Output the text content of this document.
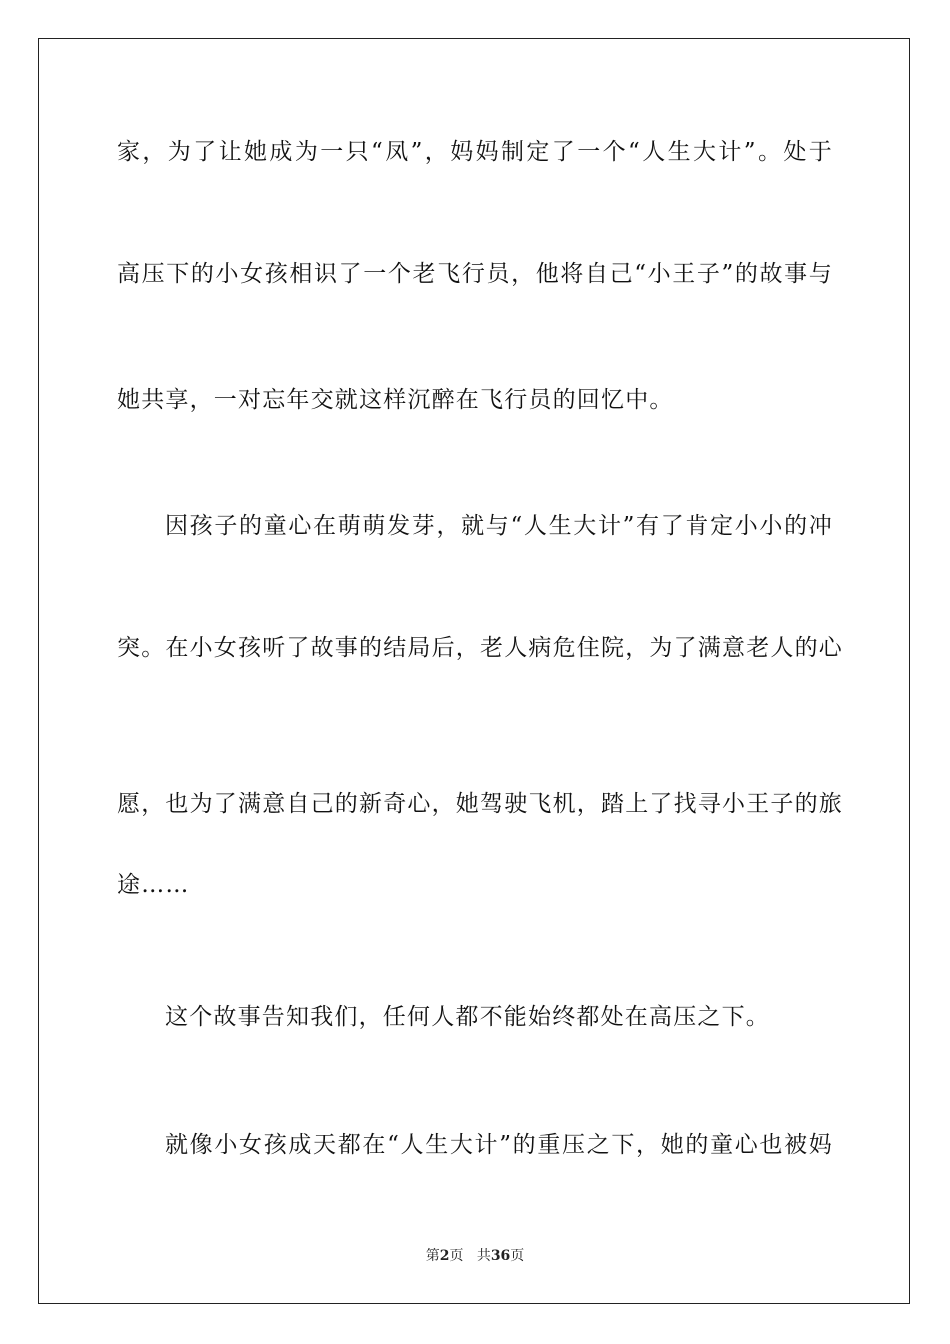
家，为了让她成为一只“凤”，妈妈制定了一个“人生大计”。处于
高压下的小女孩相识了一个老飞行员，他将自己“小王子”的故事与
她共享，一对忘年交就这样沉醉在飞行员的回忆中。
因孩子的童心在萌萌发芽，就与“人生大计”有了肯定小小的冲
突。在小女孩听了故事的结局后，老人病危住院，为了满意老人的心
愿，也为了满意自己的新奇心，她驾驶飞机，踏上了找寻小王子的旅
途……
这个故事告知我们，任何人都不能始终都处在高压之下。
就像小女孩成天都在“人生大计”的重压之下，她的童心也被妈
第2页 共36页
